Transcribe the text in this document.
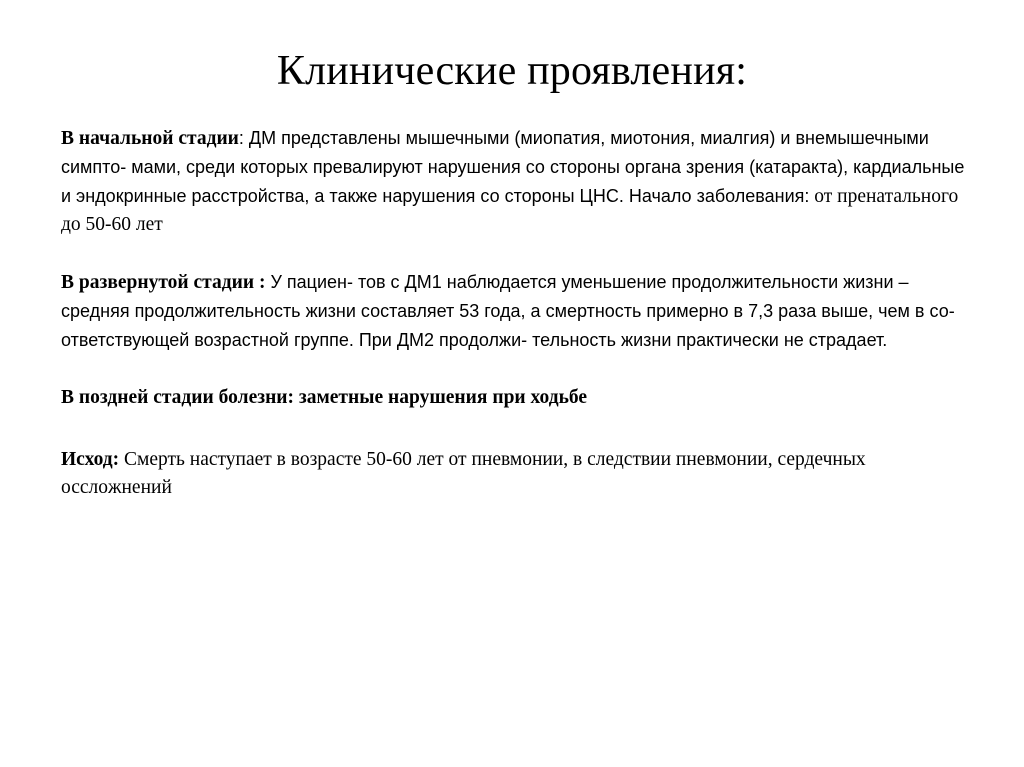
Клинические проявления:

В начальной стадии: ДМ представлены мышечными (миопатия, миотония, миалгия) и внемышечными симпто- мами, среди которых превалируют нарушения со стороны органа зрения (катаракта), кардиальные и эндокринные расстройства, а также нарушения со стороны ЦНС. Начало заболевания: от пренатального до 50-60 лет

В развернутой стадии : У пациен- тов с ДМ1 наблюдается уменьшение продолжительности жизни – средняя продолжительность жизни составляет 53 года, а смертность примерно в 7,3 раза выше, чем в со- ответствующей возрастной группе. При ДМ2 продолжи- тельность жизни практически не страдает.

В поздней стадии болезни: заметные нарушения при ходьбе

Исход: Смерть наступает в возрасте 50-60 лет от пневмонии, в следствии пневмонии, сердечных осслoжнений
